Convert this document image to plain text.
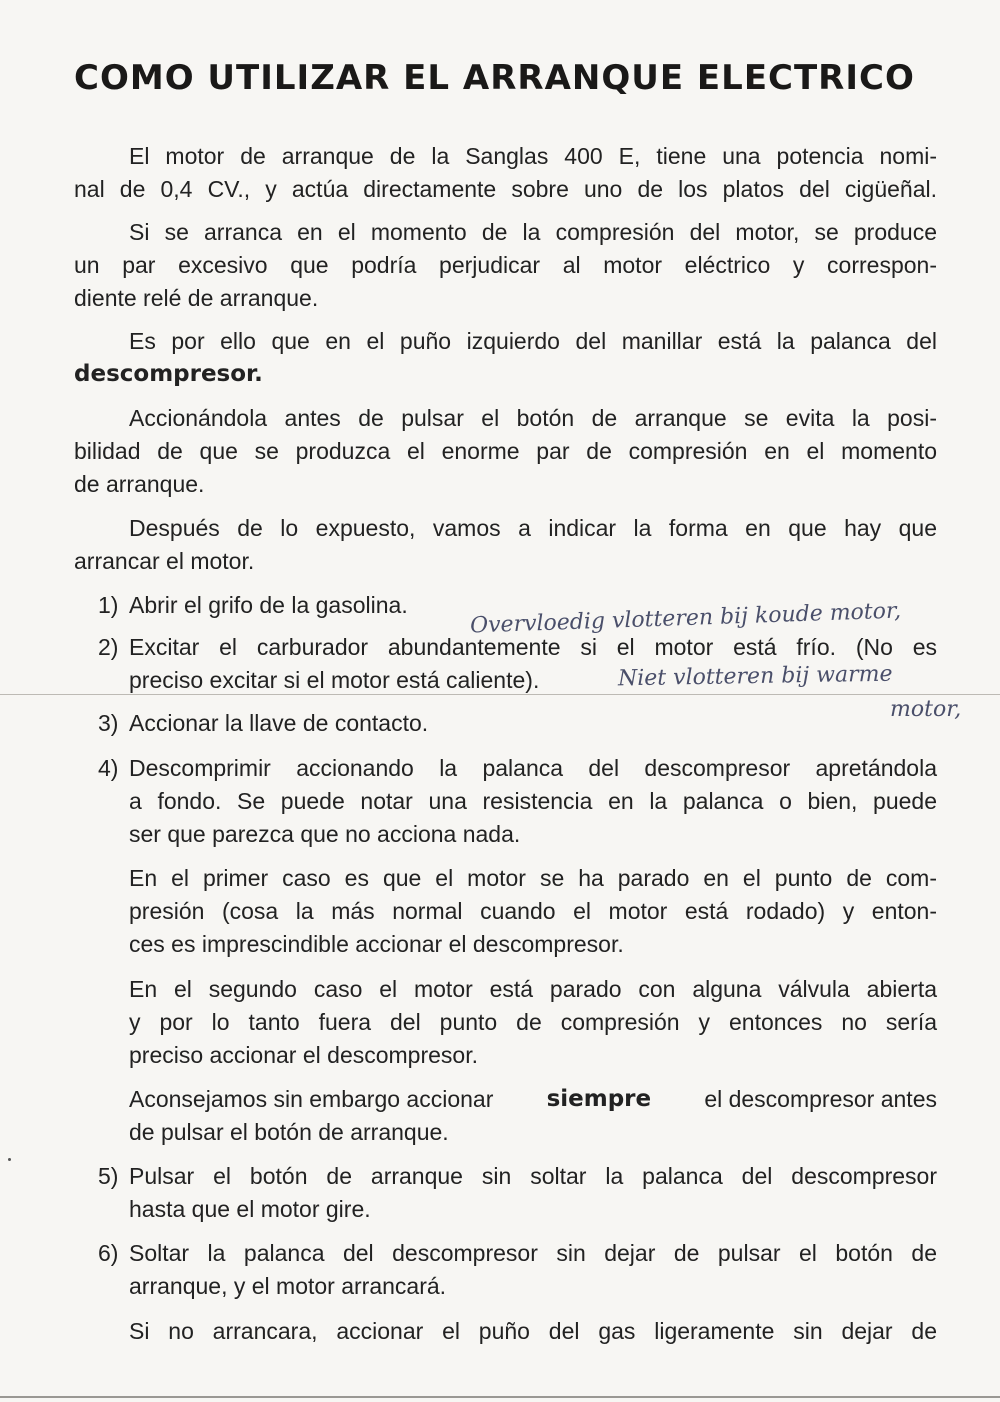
COMO UTILIZAR EL ARRANQUE ELECTRICO
El motor de arranque de la Sanglas 400 E, tiene una potencia nomi-
nal de 0,4 CV., y actúa directamente sobre uno de los platos del cigüeñal.
Si se arranca en el momento de la compresión del motor, se produce
un par excesivo que podría perjudicar al motor eléctrico y correspon-
diente relé de arranque.
Es por ello que en el puño izquierdo del manillar está la palanca del
descompresor.
Accionándola antes de pulsar el botón de arranque se evita la posi-
bilidad de que se produzca el enorme par de compresión en el momento
de arranque.
Después de lo expuesto, vamos a indicar la forma en que hay que
arrancar el motor.
1) Abrir el grifo de la gasolina.
2) Excitar el carburador abundantemente si el motor está frío. (No es
preciso excitar si el motor está caliente).
Overvloedig vlotteren bij koude motor,
Niet vlotteren bij warme
motor,
3) Accionar la llave de contacto.
4) Descomprimir accionando la palanca del descompresor apretándola
a fondo. Se puede notar una resistencia en la palanca o bien, puede
ser que parezca que no acciona nada.
En el primer caso es que el motor se ha parado en el punto de com-
presión (cosa la más normal cuando el motor está rodado) y enton-
ces es imprescindible accionar el descompresor.
En el segundo caso el motor está parado con alguna válvula abierta
y por lo tanto fuera del punto de compresión y entonces no sería
preciso accionar el descompresor.
Aconsejamos sin embargo accionar siempre el descompresor antes
de pulsar el botón de arranque.
5) Pulsar el botón de arranque sin soltar la palanca del descompresor
hasta que el motor gire.
6) Soltar la palanca del descompresor sin dejar de pulsar el botón de
arranque, y el motor arrancará.
Si no arrancara, accionar el puño del gas ligeramente sin dejar de
